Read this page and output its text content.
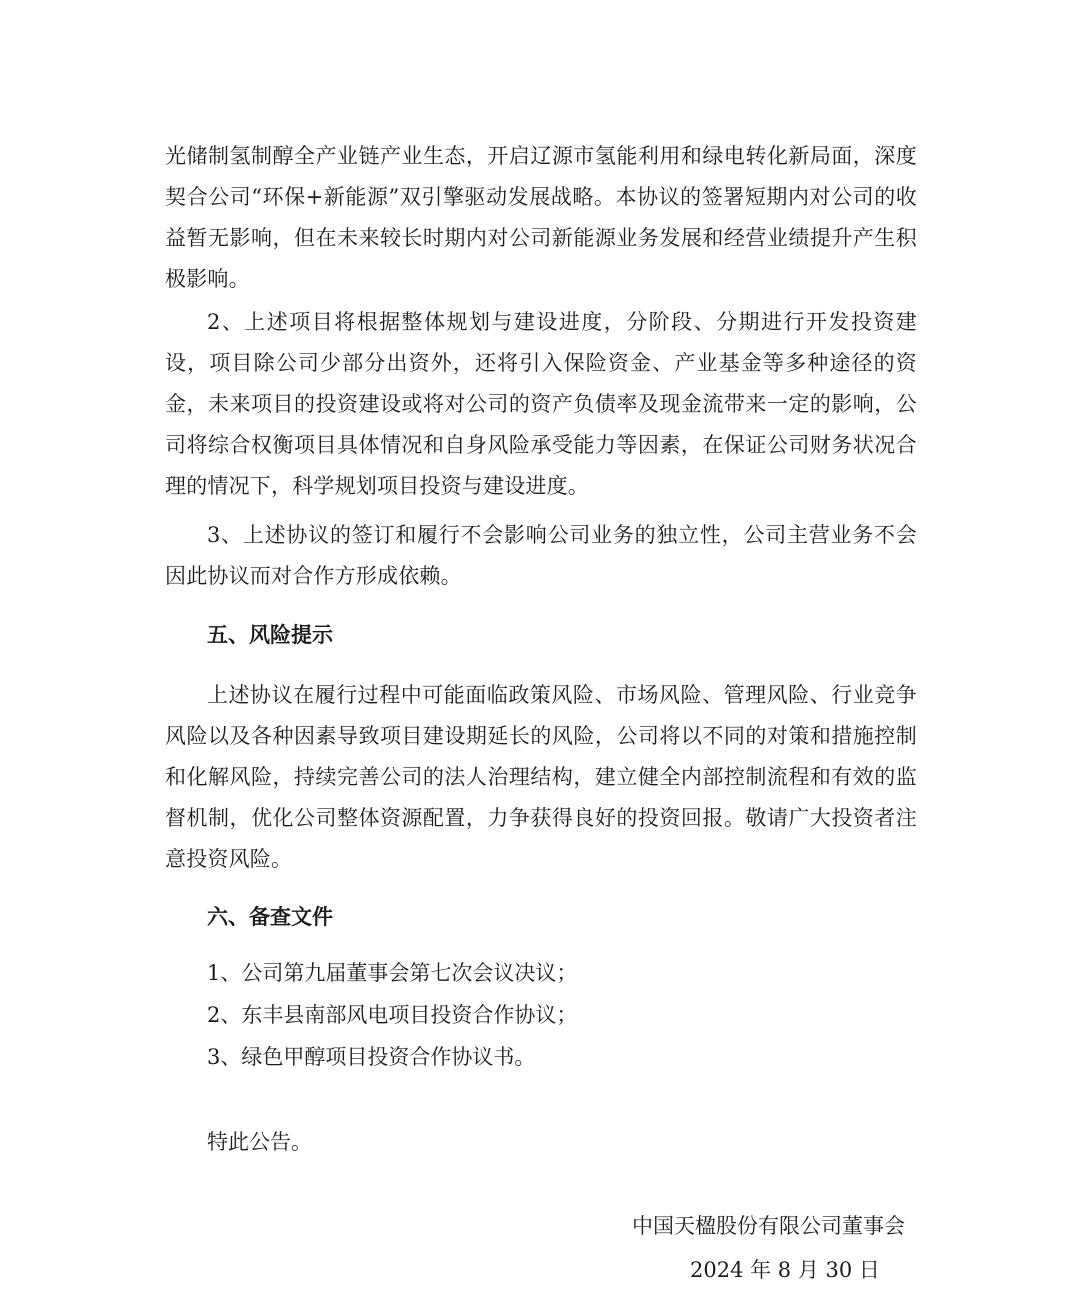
光储制氢制醇全产业链产业生态，开启辽源市氢能利用和绿电转化新局面，深度契合公司“环保+新能源”双引擎驱动发展战略。本协议的签署短期内对公司的收益暂无影响，但在未来较长时期内对公司新能源业务发展和经营业绩提升产生积极影响。

2、上述项目将根据整体规划与建设进度，分阶段、分期进行开发投资建设，项目除公司少部分出资外，还将引入保险资金、产业基金等多种途径的资金，未来项目的投资建设或将对公司的资产负债率及现金流带来一定的影响，公司将综合权衡项目具体情况和自身风险承受能力等因素，在保证公司财务状况合理的情况下，科学规划项目投资与建设进度。

3、上述协议的签订和履行不会影响公司业务的独立性，公司主营业务不会因此协议而对合作方形成依赖。

五、风险提示

上述协议在履行过程中可能面临政策风险、市场风险、管理风险、行业竞争风险以及各种因素导致项目建设期延长的风险，公司将以不同的对策和措施控制和化解风险，持续完善公司的法人治理结构，建立健全内部控制流程和有效的监督机制，优化公司整体资源配置，力争获得良好的投资回报。敬请广大投资者注意投资风险。

六、备查文件

1、公司第九届董事会第七次会议决议；

2、东丰县南部风电项目投资合作协议；

3、绿色甲醇项目投资合作协议书。

特此公告。

中国天楹股份有限公司董事会

2024 年 8 月 30 日
